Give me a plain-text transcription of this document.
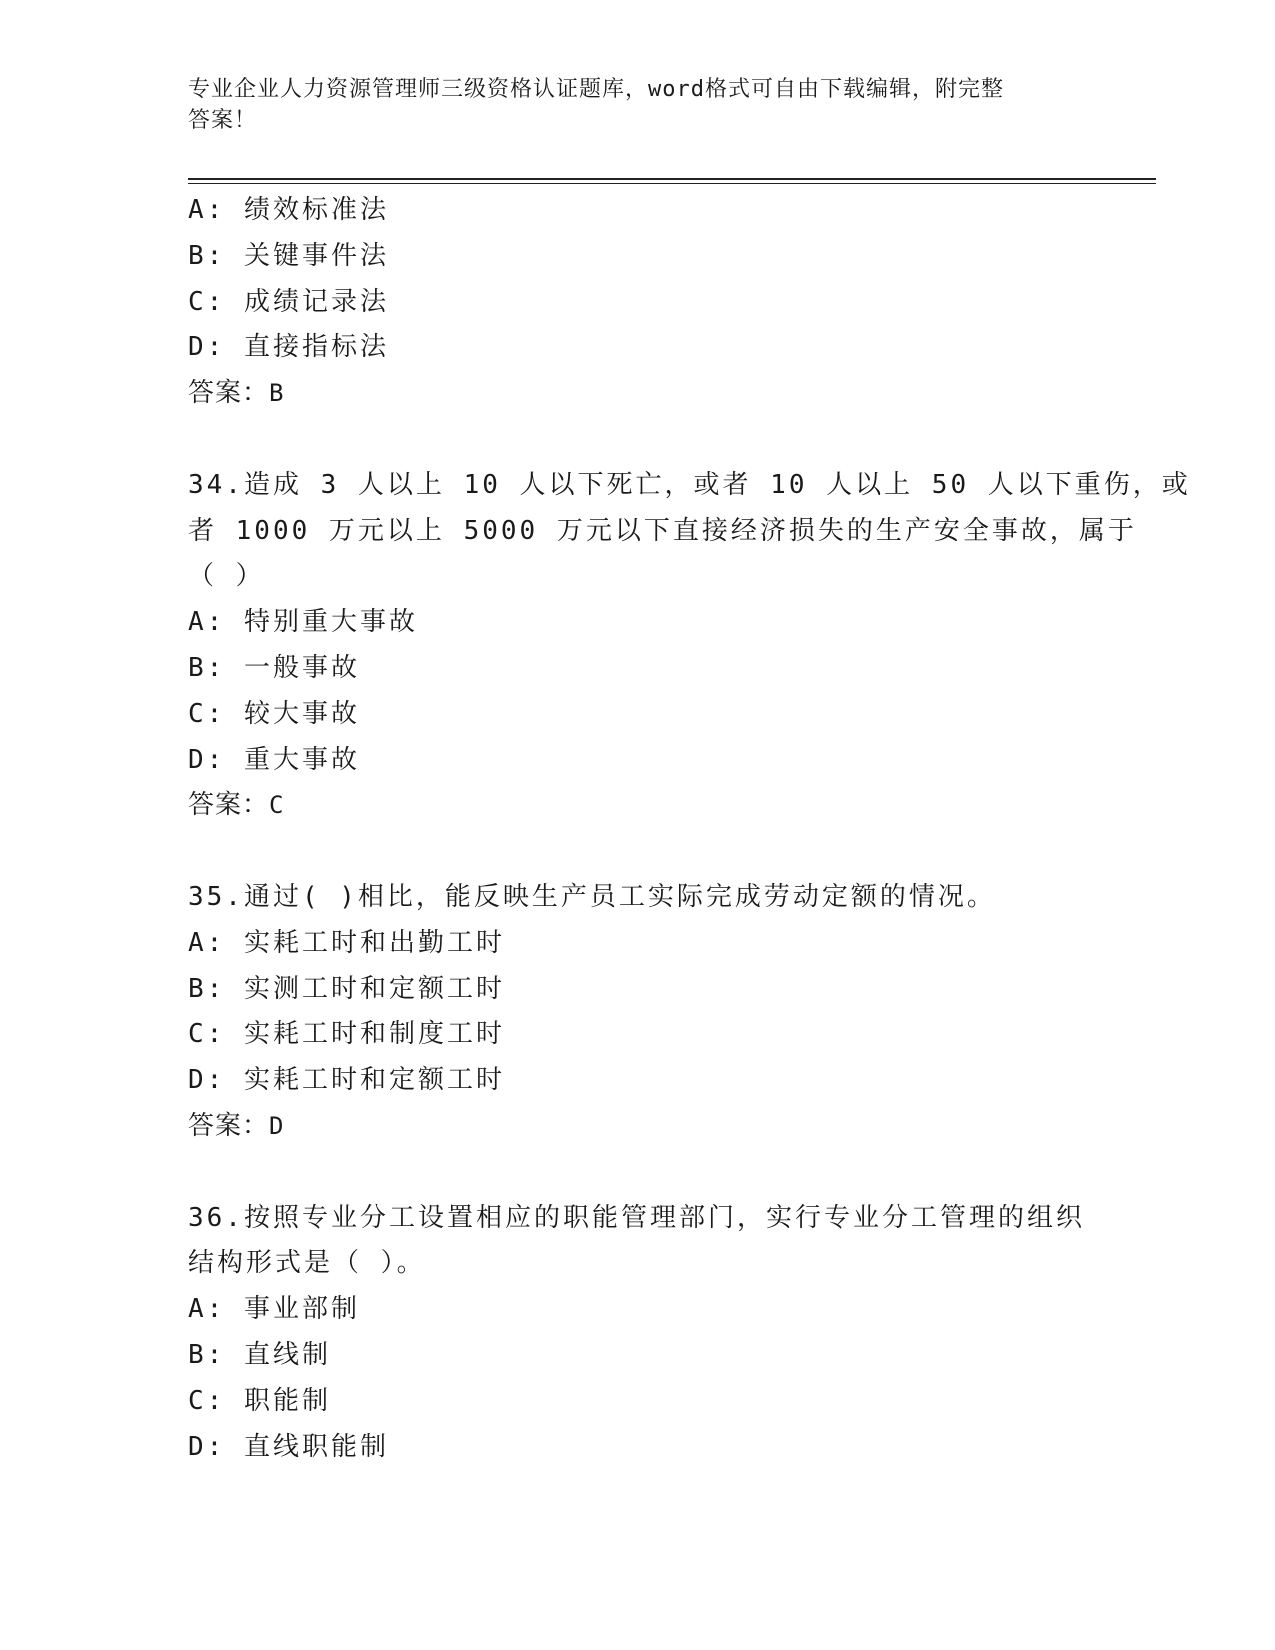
专业企业人力资源管理师三级资格认证题库，word格式可自由下载编辑，附完整
答案！
A: 绩效标准法
B: 关键事件法
C: 成绩记录法
D: 直接指标法
答案：B
34.造成 3 人以上 10 人以下死亡，或者 10 人以上 50 人以下重伤，或
者 1000 万元以上 5000 万元以下直接经济损失的生产安全事故，属于
（ ）
A: 特别重大事故
B: 一般事故
C: 较大事故
D: 重大事故
答案：C
35.通过( )相比，能反映生产员工实际完成劳动定额的情况。
A: 实耗工时和出勤工时
B: 实测工时和定额工时
C: 实耗工时和制度工时
D: 实耗工时和定额工时
答案：D
36.按照专业分工设置相应的职能管理部门，实行专业分工管理的组织
结构形式是（ ）。
A: 事业部制
B: 直线制
C: 职能制
D: 直线职能制
